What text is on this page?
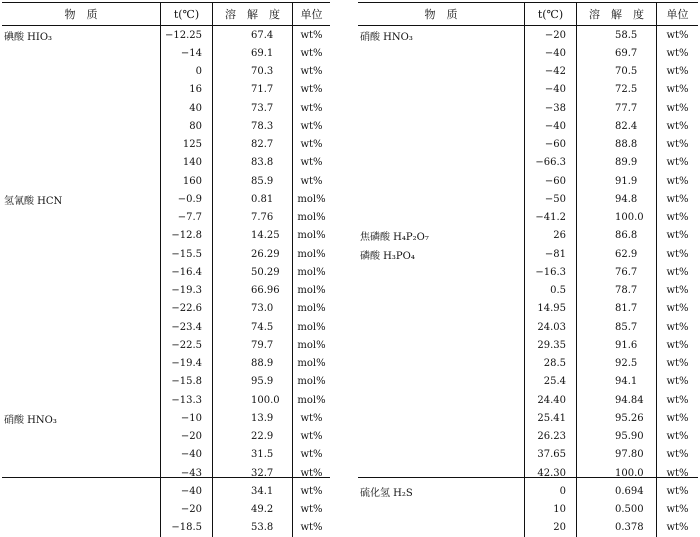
物　质	t(℃)	溶　解　度	单位
碘酸 HIO₃	−12.25	67.4	wt%
−14	69.1	wt%
0	70.3	wt%
16	71.7	wt%
40	73.7	wt%
80	78.3	wt%
125	82.7	wt%
140	83.8	wt%
160	85.9	wt%
氢氰酸 HCN	−0.9	0.81	mol%
−7.7	7.76	mol%
−12.8	14.25	mol%
−15.5	26.29	mol%
−16.4	50.29	mol%
−19.3	66.96	mol%
−22.6	73.0	mol%
−23.4	74.5	mol%
−22.5	79.7	mol%
−19.4	88.9	mol%
−15.8	95.9	mol%
−13.3	100.0	mol%
硝酸 HNO₃	−10	13.9	wt%
−20	22.9	wt%
−40	31.5	wt%
−43	32.7	wt%
−40	34.1	wt%
−20	49.2	wt%
−18.5	53.8	wt%
物　质	t(℃)	溶　解　度	单位
硝酸 HNO₃	−20	58.5	wt%
−40	69.7	wt%
−42	70.5	wt%
−40	72.5	wt%
−38	77.7	wt%
−40	82.4	wt%
−60	88.8	wt%
−66.3	89.9	wt%
−60	91.9	wt%
−50	94.8	wt%
−41.2	100.0	wt%
焦磷酸 H₄P₂O₇	26	86.8	wt%
磷酸 H₃PO₄	−81	62.9	wt%
−16.3	76.7	wt%
0.5	78.7	wt%
14.95	81.7	wt%
24.03	85.7	wt%
29.35	91.6	wt%
28.5	92.5	wt%
25.4	94.1	wt%
24.40	94.84	wt%
25.41	95.26	wt%
26.23	95.90	wt%
37.65	97.80	wt%
42.30	100.0	wt%
硫化氢 H₂S	0	0.694	wt%
10	0.500	wt%
20	0.378	wt%
